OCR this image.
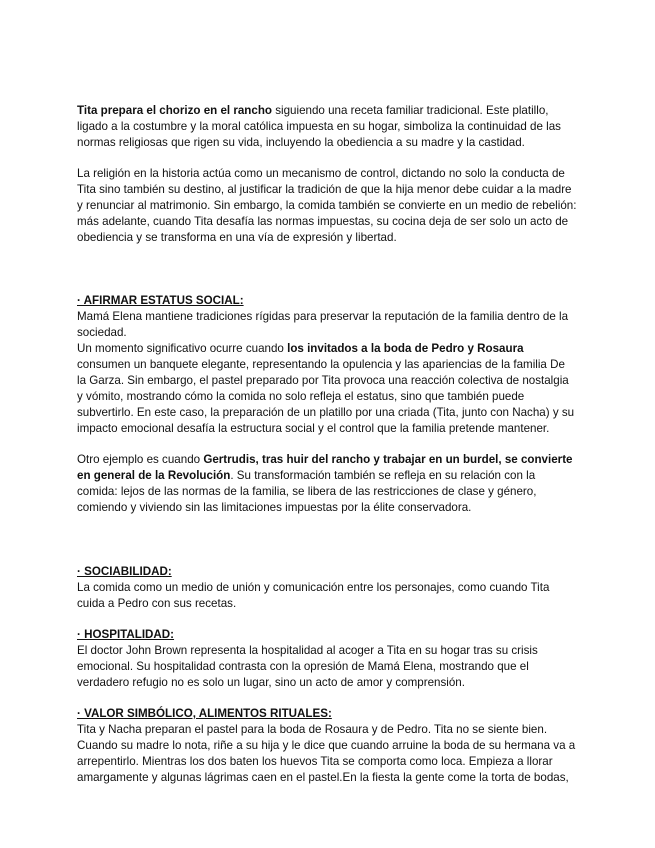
Tita prepara el chorizo en el rancho siguiendo una receta familiar tradicional. Este platillo, ligado a la costumbre y la moral católica impuesta en su hogar, simboliza la continuidad de las normas religiosas que rigen su vida, incluyendo la obediencia a su madre y la castidad.

La religión en la historia actúa como un mecanismo de control, dictando no solo la conducta de Tita sino también su destino, al justificar la tradición de que la hija menor debe cuidar a la madre y renunciar al matrimonio. Sin embargo, la comida también se convierte en un medio de rebelión: más adelante, cuando Tita desafía las normas impuestas, su cocina deja de ser solo un acto de obediencia y se transforma en una vía de expresión y libertad.

· AFIRMAR ESTATUS SOCIAL:

Mamá Elena mantiene tradiciones rígidas para preservar la reputación de la familia dentro de la sociedad.

Un momento significativo ocurre cuando los invitados a la boda de Pedro y Rosaura consumen un banquete elegante, representando la opulencia y las apariencias de la familia De la Garza. Sin embargo, el pastel preparado por Tita provoca una reacción colectiva de nostalgia y vómito, mostrando cómo la comida no solo refleja el estatus, sino que también puede subvertirlo. En este caso, la preparación de un platillo por una criada (Tita, junto con Nacha) y su impacto emocional desafía la estructura social y el control que la familia pretende mantener.

Otro ejemplo es cuando Gertrudis, tras huir del rancho y trabajar en un burdel, se convierte en general de la Revolución. Su transformación también se refleja en su relación con la comida: lejos de las normas de la familia, se libera de las restricciones de clase y género, comiendo y viviendo sin las limitaciones impuestas por la élite conservadora.

· SOCIABILIDAD:

La comida como un medio de unión y comunicación entre los personajes, como cuando Tita cuida a Pedro con sus recetas.

· HOSPITALIDAD:

El doctor John Brown representa la hospitalidad al acoger a Tita en su hogar tras su crisis emocional. Su hospitalidad contrasta con la opresión de Mamá Elena, mostrando que el verdadero refugio no es solo un lugar, sino un acto de amor y comprensión.

· VALOR SIMBÓLICO, ALIMENTOS RITUALES:

Tita y Nacha preparan el pastel para la boda de Rosaura y de Pedro. Tita no se siente bien. Cuando su madre lo nota, riñe a su hija y le dice que cuando arruine la boda de su hermana va a arrepentirlo. Mientras los dos baten los huevos Tita se comporta como loca. Empieza a llorar amargamente y algunas lágrimas caen en el pastel.En la fiesta la gente come la torta de bodas,
